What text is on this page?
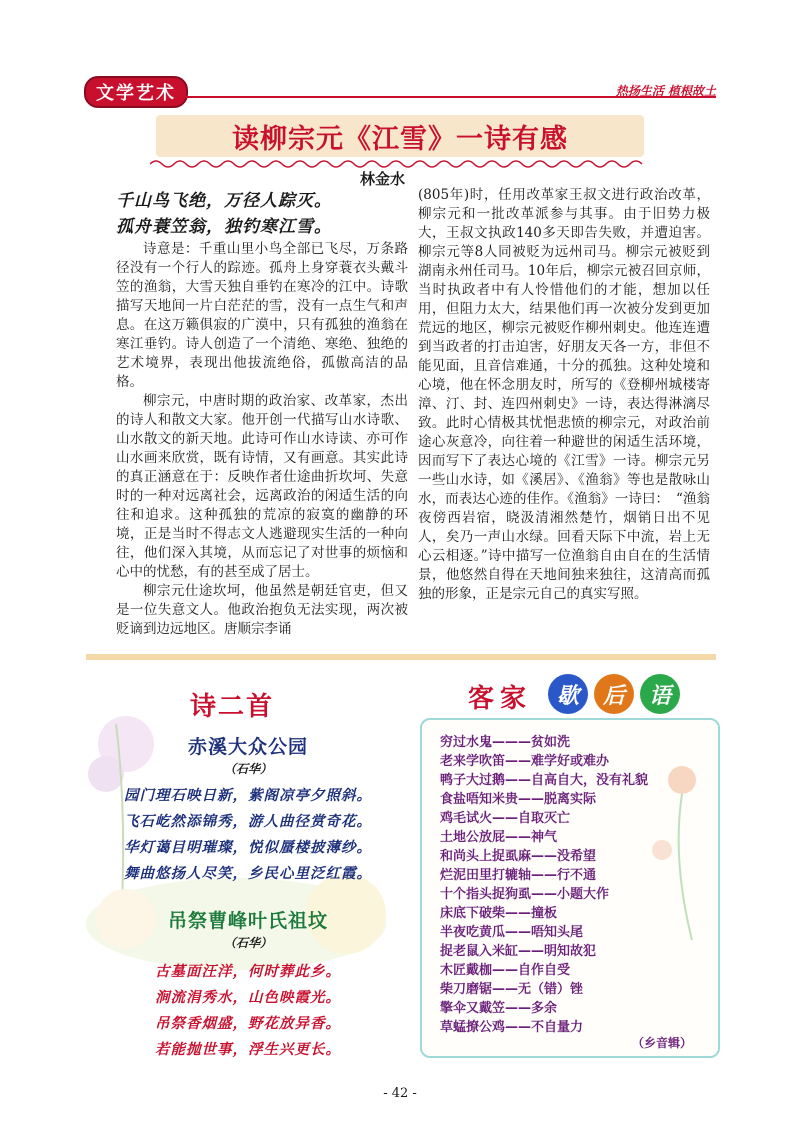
文学艺术	热扬生活 植根故土
读柳宗元《江雪》一诗有感
林金水
千山鸟飞绝，万径人踪灭。
孤舟蓑笠翁，独钓寒江雪。

诗意是：千重山里小鸟全部已飞尽，万条路径没有一个行人的踪迹。孤舟上身穿蓑衣头戴斗笠的渔翁，大雪天独自垂钓在寒冷的江中。诗歌描写天地间一片白茫茫的雪，没有一点生气和声息。在这万籁俱寂的广漠中，只有孤独的渔翁在寒江垂钓。诗人创造了一个清绝、寒绝、独绝的艺术境界，表现出他拔流绝俗，孤傲高洁的品格。

柳宗元，中唐时期的政治家、改革家，杰出的诗人和散文大家。他开创一代描写山水诗歌、山水散文的新天地。此诗可作山水诗读、亦可作山水画来欣赏，既有诗情，又有画意。其实此诗的真正涵意在于：反映作者仕途曲折坎坷、失意时的一种对远离社会，远离政治的闲适生活的向往和追求。这种孤独的荒凉的寂寞的幽静的环境，正是当时不得志文人逃避现实生活的一种向往，他们深入其境，从而忘记了对世事的烦恼和心中的忧愁，有的甚至成了居士。

柳宗元仕途坎坷，他虽然是朝廷官吏，但又是一位失意文人。他政治抱负无法实现，两次被贬谪到边远地区。唐顺宗李诵

(805年)时，任用改革家王叔文进行政治改革，柳宗元和一批改革派参与其事。由于旧势力极大，王叔文执政140多天即告失败，并遭迫害。柳宗元等8人同被贬为远州司马。柳宗元被贬到湖南永州任司马。10年后，柳宗元被召回京师，当时执政者中有人怜惜他们的才能，想加以任用，但阻力太大，结果他们再一次被分发到更加荒远的地区，柳宗元被贬作柳州刺史。他连连遭到当政者的打击迫害，好朋友天各一方，非但不能见面，且音信难通，十分的孤独。这种处境和心境，他在怀念朋友时，所写的《登柳州城楼寄漳、汀、封、连四州刺史》一诗，表达得淋漓尽致。此时心情极其忧悒悲愤的柳宗元，对政治前途心灰意冷，向往着一种避世的闲适生活环境，因而写下了表达心境的《江雪》一诗。柳宗元另一些山水诗，如《溪居》、《渔翁》等也是散咏山水，而表达心迹的佳作。《渔翁》一诗曰：　“渔翁夜傍西岩宿，晓汲清湘然楚竹，烟销日出不见人，矣乃一声山水绿。回看天际下中流，岩上无心云相逐。”诗中描写一位渔翁自由自在的生活情景，他悠然自得在天地间独来独往，这清高而孤独的形象，正是宗元自己的真实写照。

诗二首
赤溪大众公园
（石华）
园门理石映日新，紫阁凉亭夕照斜。
飞石屹然添锦秀，游人曲径赏奇花。
华灯蔼目明璀璨，悦似蜃楼披薄纱。
舞曲悠扬人尽笑，乡民心里泛红霞。
吊祭曹峰叶氏祖坟
（石华）
古墓面汪洋，何时葬此乡。
涧流涓秀水，山色映霞光。
吊祭香烟盛，野花放异香。
若能抛世事，浮生兴更长。
客家	歇	后	语
穷过水鬼———贫如洗
老来学吹笛——难学好或难办
鸭子大过鹅——自高自大，没有礼貌
食盐唔知米贵——脱离实际
鸡毛试火——自取灭亡
土地公放屁——神气
和尚头上捉虱麻——没希望
烂泥田里打辘轴——行不通
十个指头捉狗虱——小题大作
床底下破柴——撞板
半夜吃黄瓜——唔知头尾
捉老鼠入米缸——明知故犯
木匠戴枷——自作自受
柴刀磨锯——无（错）锉
擎伞又戴笠——多余
草蜢撩公鸡——不自量力
（乡音辑）
- 42 -
